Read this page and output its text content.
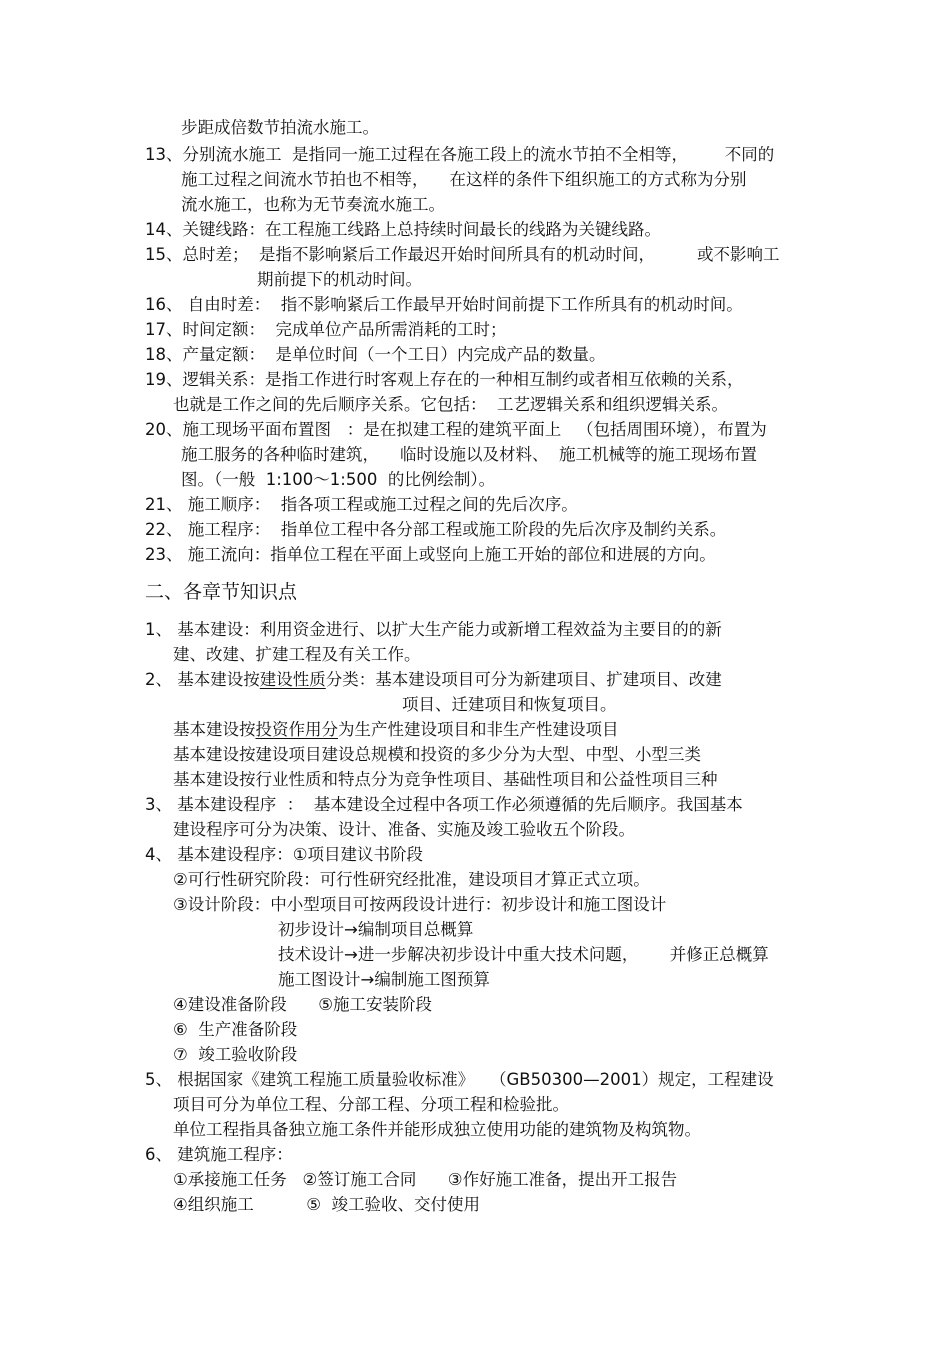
步距成倍数节拍流水施工。
13、分别流水施工  是指同一施工过程在各施工段上的流水节拍不全相等，       不同的
施工过程之间流水节拍也不相等，    在这样的条件下组织施工的方式称为分别
流水施工，也称为无节奏流水施工。
14、关键线路：在工程施工线路上总持续时间最长的线路为关键线路。
15、总时差；  是指不影响紧后工作最迟开始时间所具有的机动时间，        或不影响工
期前提下的机动时间。
16、 自由时差：  指不影响紧后工作最早开始时间前提下工作所具有的机动时间。
17、时间定额：  完成单位产品所需消耗的工时；
18、产量定额：  是单位时间（一个工日）内完成产品的数量。
19、逻辑关系：是指工作进行时客观上存在的一种相互制约或者相互依赖的关系，
也就是工作之间的先后顺序关系。它包括：  工艺逻辑关系和组织逻辑关系。
20、施工现场平面布置图   ：是在拟建工程的建筑平面上   （包括周围环境），布置为
施工服务的各种临时建筑，    临时设施以及材料、  施工机械等的施工现场布置
图。（一般  1:100～1:500  的比例绘制）。
21、 施工顺序：  指各项工程或施工过程之间的先后次序。
22、 施工程序：  指单位工程中各分部工程或施工阶段的先后次序及制约关系。
23、 施工流向：指单位工程在平面上或竖向上施工开始的部位和进展的方向。
二、各章节知识点
1、 基本建设：利用资金进行、以扩大生产能力或新增工程效益为主要目的的新
建、改建、扩建工程及有关工作。
2、 基本建设按建设性质分类：基本建设项目可分为新建项目、扩建项目、改建
项目、迁建项目和恢复项目。
基本建设按投资作用分为生产性建设项目和非生产性建设项目
基本建设按建设项目建设总规模和投资的多少分为大型、中型、小型三类
基本建设按行业性质和特点分为竞争性项目、基础性项目和公益性项目三种
3、 基本建设程序  ：  基本建设全过程中各项工作必须遵循的先后顺序。我国基本
建设程序可分为决策、设计、准备、实施及竣工验收五个阶段。
4、 基本建设程序：①项目建议书阶段
②可行性研究阶段：可行性研究经批准，建设项目才算正式立项。
③设计阶段：中小型项目可按两段设计进行：初步设计和施工图设计
初步设计→编制项目总概算
技术设计→进一步解决初步设计中重大技术问题，      并修正总概算
施工图设计→编制施工图预算
④建设准备阶段      ⑤施工安装阶段
⑥  生产准备阶段
⑦  竣工验收阶段
5、 根据国家《建筑工程施工质量验收标准》   （GB50300—2001）规定，工程建设
项目可分为单位工程、分部工程、分项工程和检验批。
单位工程指具备独立施工条件并能形成独立使用功能的建筑物及构筑物。
6、 建筑施工程序：
①承接施工任务   ②签订施工合同      ③作好施工准备，提出开工报告
④组织施工          ⑤  竣工验收、交付使用
